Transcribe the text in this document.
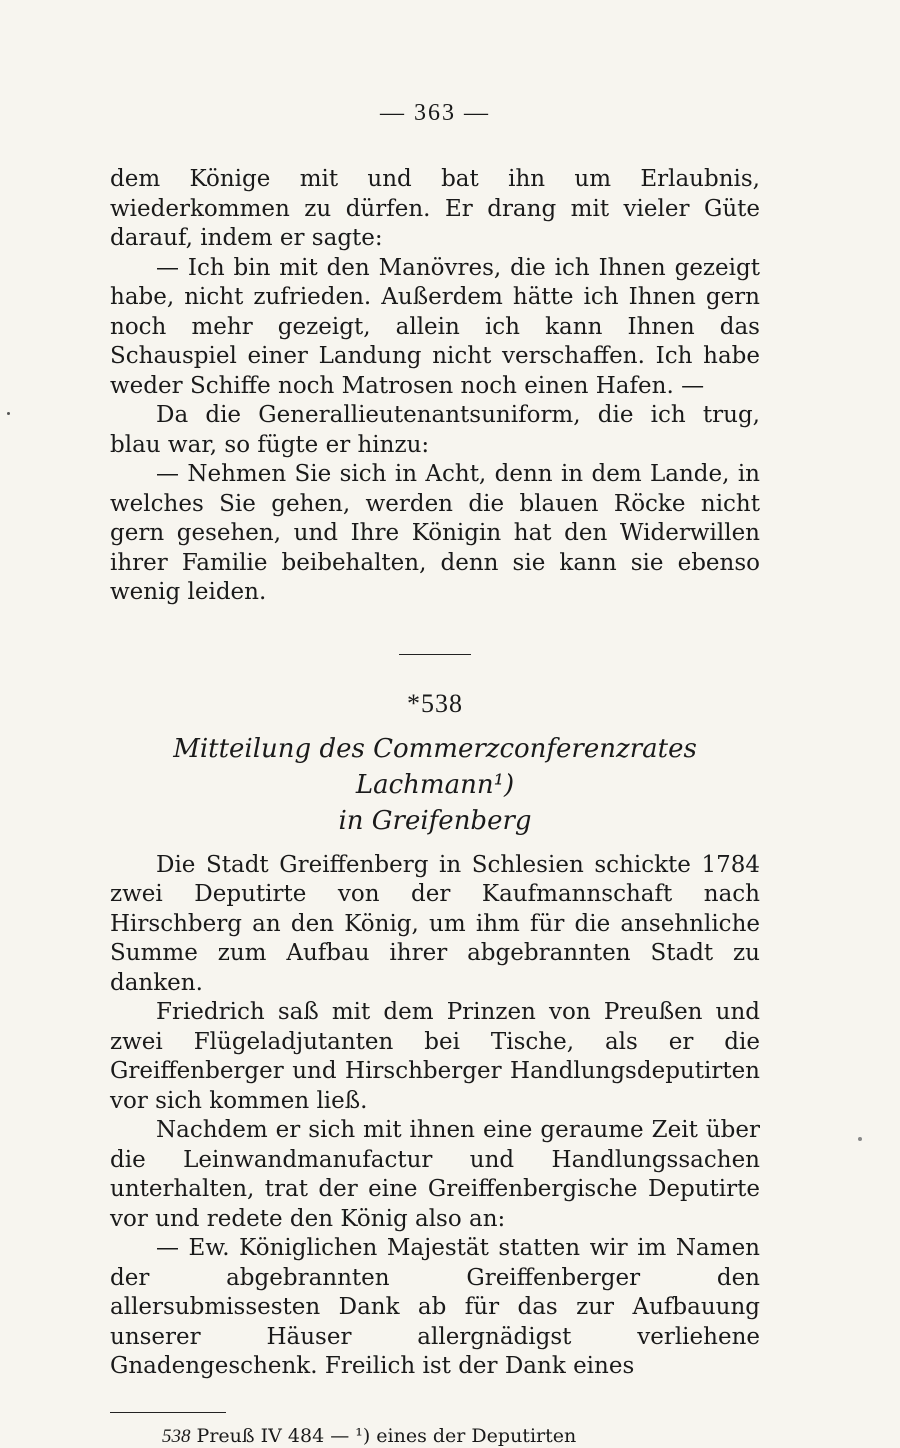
— 363 —

dem Könige mit und bat ihn um Erlaubnis, wiederkommen zu dürfen. Er drang mit vieler Güte darauf, indem er sagte:

— Ich bin mit den Manövres, die ich Ihnen gezeigt habe, nicht zufrieden. Außerdem hätte ich Ihnen gern noch mehr gezeigt, allein ich kann Ihnen das Schauspiel einer Landung nicht verschaffen. Ich habe weder Schiffe noch Matrosen noch einen Hafen. —

Da die Generallieutenantsuniform, die ich trug, blau war, so fügte er hinzu:

— Nehmen Sie sich in Acht, denn in dem Lande, in welches Sie gehen, werden die blauen Röcke nicht gern gesehen, und Ihre Königin hat den Widerwillen ihrer Familie beibehalten, denn sie kann sie ebenso wenig leiden.

*538
Mitteilung des Commerzconferenzrates Lachmann¹)
in Greifenberg

Die Stadt Greiffenberg in Schlesien schickte 1784 zwei Deputirte von der Kaufmannschaft nach Hirschberg an den König, um ihm für die ansehnliche Summe zum Aufbau ihrer abgebrannten Stadt zu danken.

Friedrich saß mit dem Prinzen von Preußen und zwei Flügeladjutanten bei Tische, als er die Greiffenberger und Hirschberger Handlungsdeputirten vor sich kommen ließ.

Nachdem er sich mit ihnen eine geraume Zeit über die Leinwandmanufactur und Handlungssachen unterhalten, trat der eine Greiffenbergische Deputirte vor und redete den König also an:

— Ew. Königlichen Majestät statten wir im Namen der abgebrannten Greiffenberger den allersubmissesten Dank ab für das zur Aufbauung unserer Häuser allergnädigst verliehene Gnadengeschenk. Freilich ist der Dank eines

538 Preuß IV 484 — ¹) eines der Deputirten
